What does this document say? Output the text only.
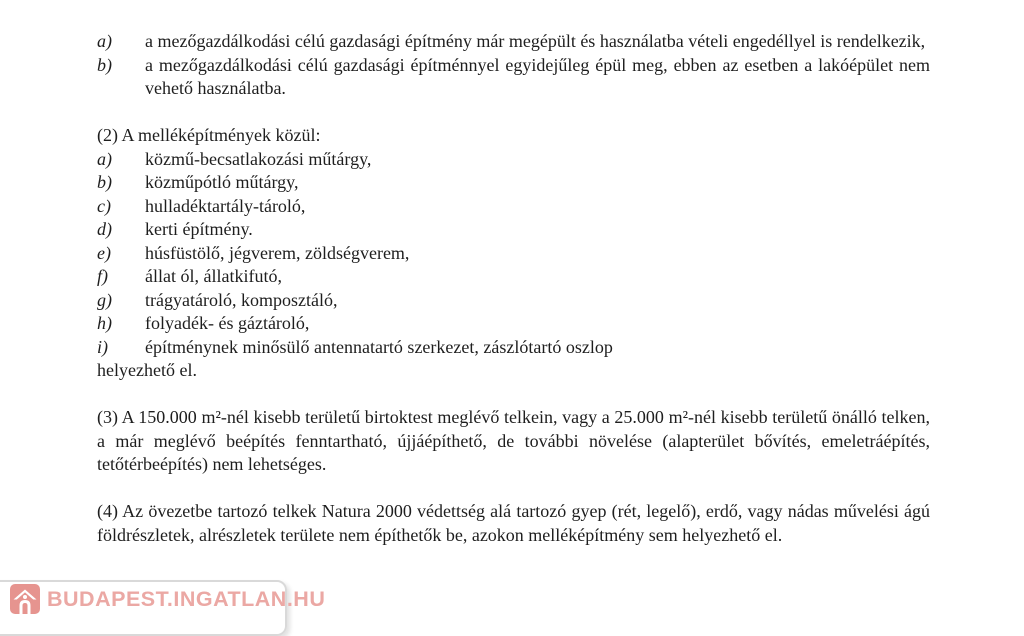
a) a mezőgazdálkodási célú gazdasági építmény már megépült és használatba vételi engedéllyel is rendelkezik,

b) a mezőgazdálkodási célú gazdasági építménnyel egyidejűleg épül meg, ebben az esetben a lakóépület nem vehető használatba.

(2) A melléképítmények közül:

a) közmű-becsatlakozási műtárgy,

b) közműpótló műtárgy,

c) hulladéktartály-tároló,

d) kerti építmény.

e) húsfüstölő, jégverem, zöldségverem,

f) állat ól, állatkifutó,

g) trágyatároló, komposztáló,

h) folyadék- és gáztároló,

i) építménynek minősülő antennatartó szerkezet, zászlótartó oszlop

helyezhető el.

(3) A 150.000 m²-nél kisebb területű birtoktest meglévő telkein, vagy a 25.000 m²-nél kisebb területű önálló telken, a már meglévő beépítés fenntartható, újjáépíthető, de további növelése (alapterület bővítés, emeletráépítés, tetőtérbeépítés) nem lehetséges.

(4) Az övezetbe tartozó telkek Natura 2000 védettség alá tartozó gyep (rét, legelő), erdő, vagy nádas művelési ágú földrészletek, alrészletek területe nem építhetők be, azokon melléképítmény sem helyezhető el.

BUDAPEST.INGATLAN.HU
